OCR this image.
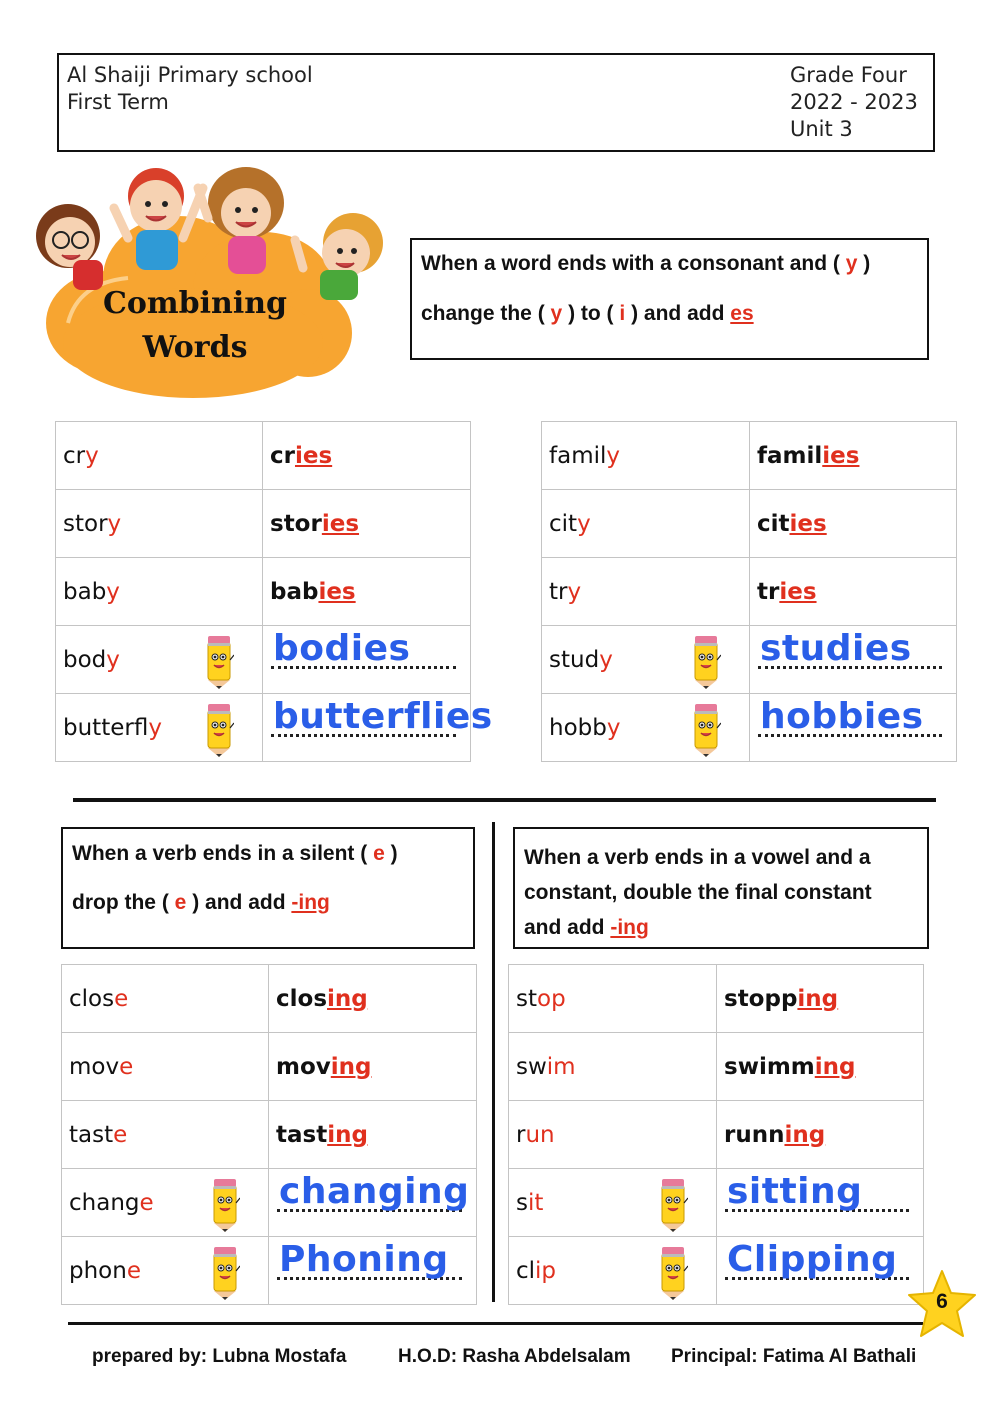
Al Shaiji Primary school
First Term
Grade Four
2022 - 2023
Unit 3
Combining
Words
When a word ends with a consonant and ( y )
change the ( y ) to ( i ) and add es
cry	cries
story	stories
baby	babies
body	bodies

butterfly	butterflies
family	families
city	cities
try	tries
study	studies

hobby	hobbies
When a verb ends in a silent ( e )
drop the ( e ) and add -ing
When a verb ends in a vowel and a
constant, double the final constant
and add -ing
close	closing
move	moving
taste	tasting
change	changing

phone	Phoning
stop	stopping
swim	swimming
run	running
sit	sitting

clip	Clipping
6
prepared by: Lubna Mostafa	H.O.D: Rasha Abdelsalam Principal: Fatima Al Bathali
